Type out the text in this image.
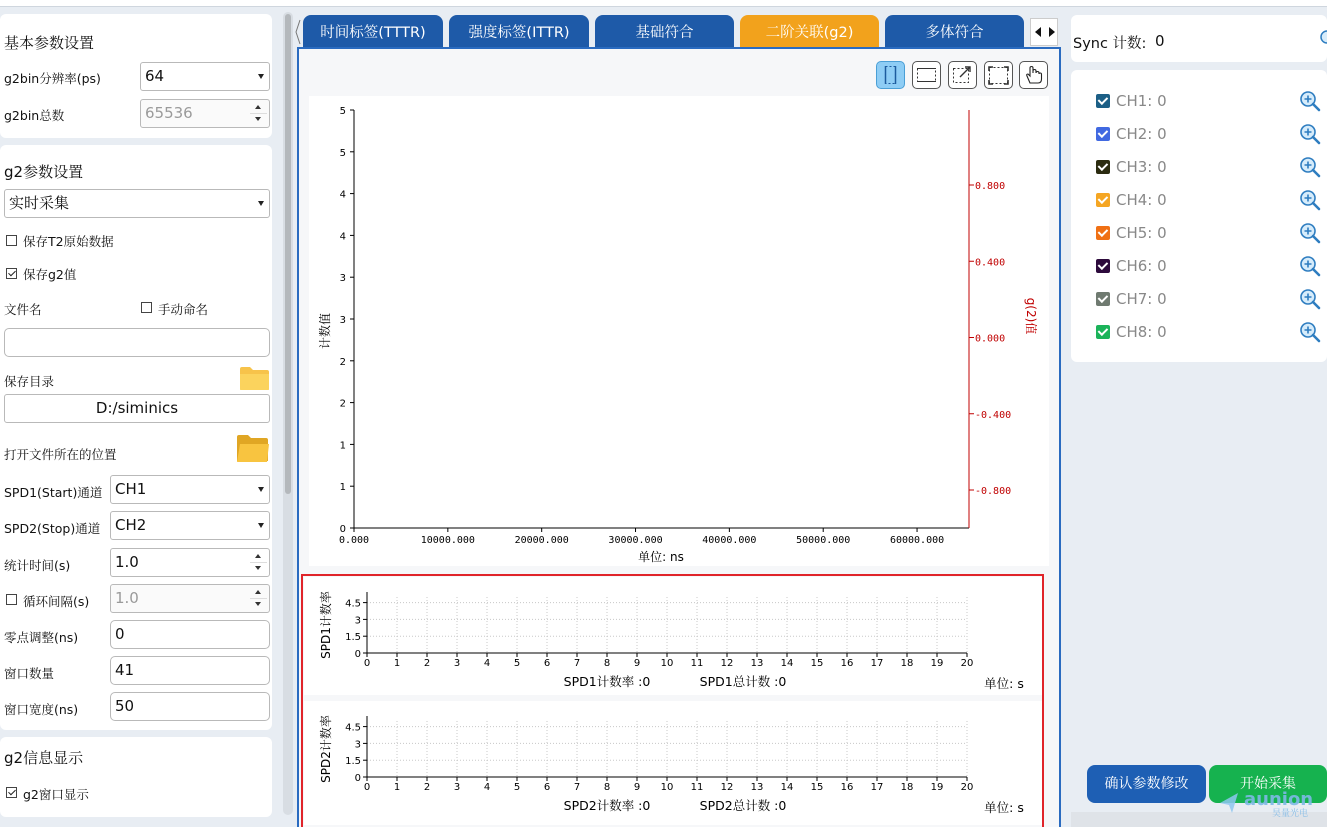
基本参数设置
g2bin分辨率(ps)	64
g2bin总数	65536
g2参数设置
实时采集
保存T2原始数据
保存g2值
文件名	手动命名
保存目录
D:/siminics
打开文件所在的位置
SPD1(Start)通道 CH1
SPD2(Stop)通道 CH2
统计时间(s)	1.0
循环间隔(s)	1.0
零点调整(ns)	0
窗口数量	41
窗口宽度(ns)	50
g2信息显示
g2窗口显示
时间标签(TTTR)	强度标签(ITTR)	基础符合	二阶关联(g2)	多体符合
0.000	10000.000	20000.000	30000.000	40000.000	50000.000	60000.000
0
1
1
2
2
3
3
4
4
5
5
0.800
0.400
0.000
-0.400
-0.800
计数值	g(2)值
单位: ns
0 1 2 3 4 5 6 7 8 9 10 11 12 13 14 15 16 17 18 19 20
0
1.5
3
4.5
SPD1计数率
SPD1计数率 :0	SPD1总计数 :0	单位: s
0 1 2 3 4 5 6 7 8 9 10 11 12 13 14 15 16 17 18 19 20
0
1.5
3
4.5
SPD2计数率
SPD2计数率 :0	SPD2总计数 :0	单位: s
Sync 计数: 0
CH1: 0
CH2: 0
CH3: 0
CH4: 0
CH5: 0
CH6: 0
CH7: 0
CH8: 0
确认参数修改	开始采集
aunion
昊量光电
